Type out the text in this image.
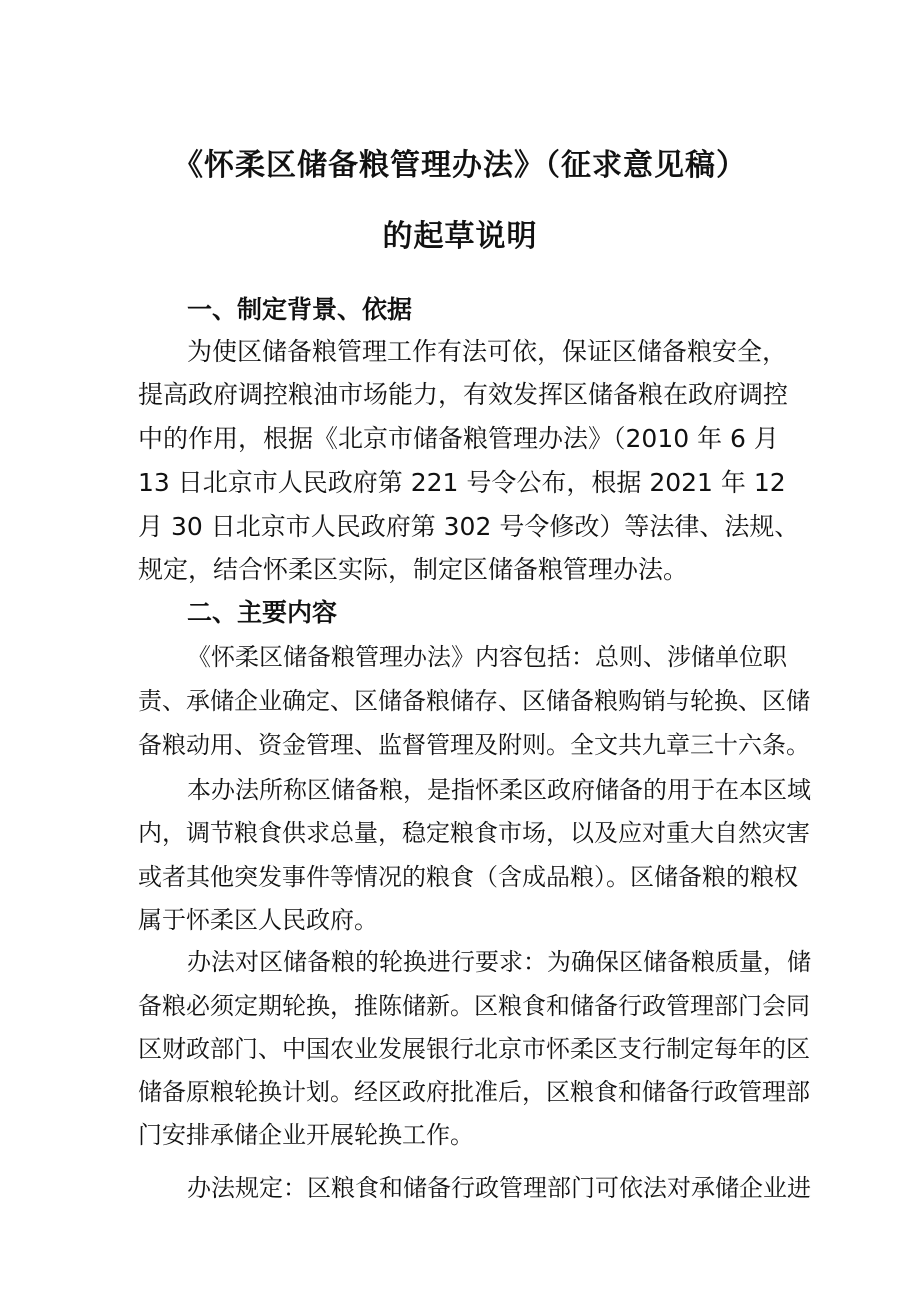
《怀柔区储备粮管理办法》（征求意见稿）
的起草说明
一、制定背景、依据
为使区储备粮管理工作有法可依，保证区储备粮安全，
提高政府调控粮油市场能力，有效发挥区储备粮在政府调控
中的作用，根据《北京市储备粮管理办法》（2010 年 6 月
13 日北京市人民政府第 221 号令公布，根据 2021 年 12
月 30 日北京市人民政府第 302 号令修改）等法律、法规、
规定，结合怀柔区实际，制定区储备粮管理办法。
二、主要内容
《怀柔区储备粮管理办法》内容包括：总则、涉储单位职
责、承储企业确定、区储备粮储存、区储备粮购销与轮换、区储
备粮动用、资金管理、监督管理及附则。全文共九章三十六条。
本办法所称区储备粮，是指怀柔区政府储备的用于在本区域
内，调节粮食供求总量，稳定粮食市场，以及应对重大自然灾害
或者其他突发事件等情况的粮食（含成品粮）。区储备粮的粮权
属于怀柔区人民政府。
办法对区储备粮的轮换进行要求：为确保区储备粮质量，储
备粮必须定期轮换，推陈储新。区粮食和储备行政管理部门会同
区财政部门、中国农业发展银行北京市怀柔区支行制定每年的区
储备原粮轮换计划。经区政府批准后，区粮食和储备行政管理部
门安排承储企业开展轮换工作。
办法规定：区粮食和储备行政管理部门可依法对承储企业进
